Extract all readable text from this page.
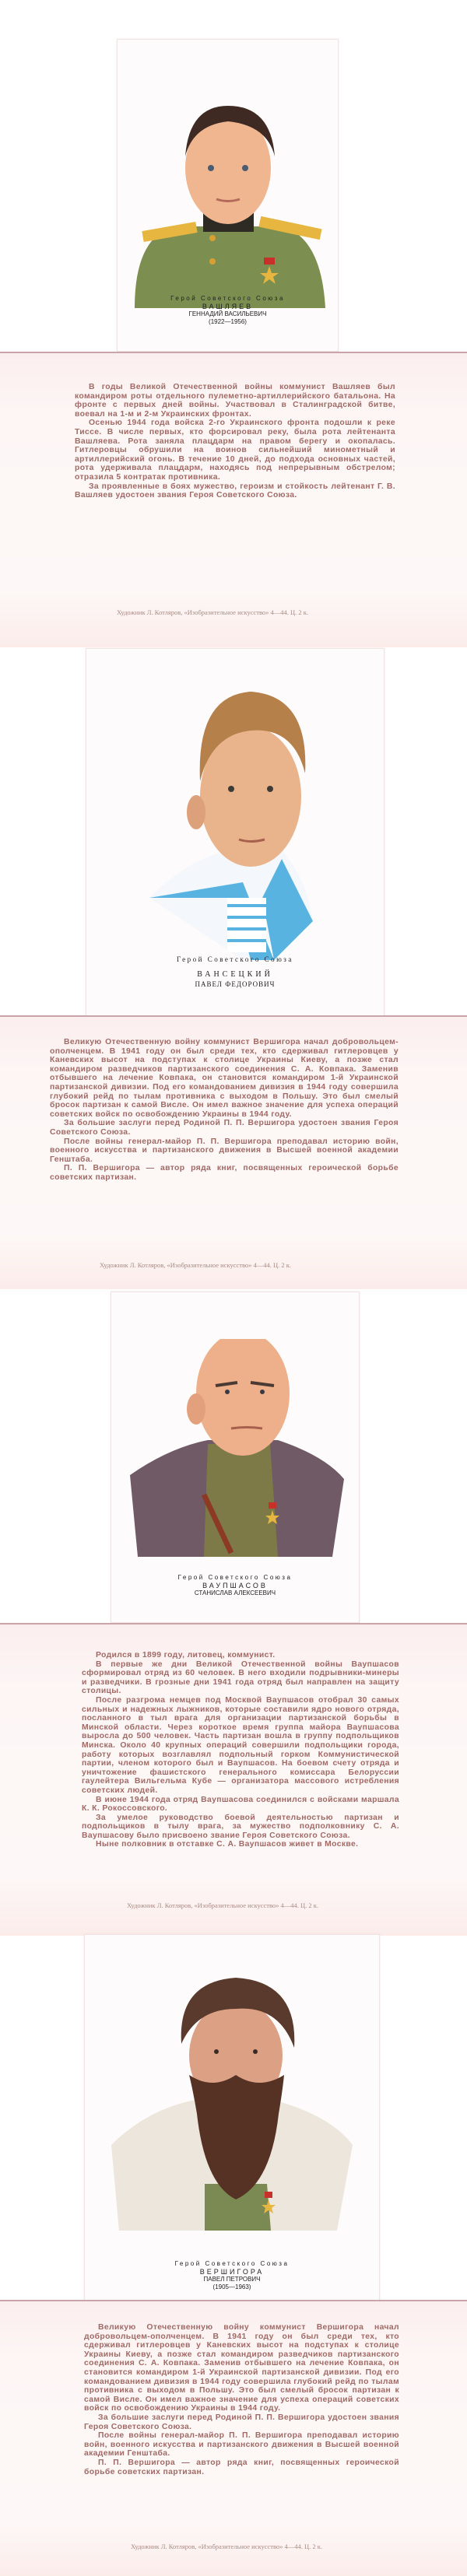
Герой Советского Союза
ВАШЛЯЕВ
ГЕННАДИЙ ВАСИЛЬЕВИЧ
(1922—1956)

В годы Великой Отечественной войны коммунист Вашляев был командиром роты отдельного пулеметно-артиллерийского батальона. На фронте с первых дней войны. Участвовал в Сталинградской битве, воевал на 1-м и 2-м Украинских фронтах.

Осенью 1944 года войска 2-го Украинского фронта подошли к реке Тиссе. В числе первых, кто форсировал реку, была рота лейтенанта Вашляева. Рота заняла плацдарм на правом берегу и окопалась. Гитлеровцы обрушили на воинов сильнейший минометный и артиллерийский огонь. В течение 10 дней, до подхода основных частей, рота удерживала плацдарм, находясь под непрерывным обстрелом; отразила 5 контратак противника.

За проявленные в боях мужество, героизм и стойкость лейтенант Г. В. Вашляев удостоен звания Героя Советского Союза.

Художник Л. Котляров, «Изобразительное искусство» 4—44. Ц. 2 к.
Герой Советского Союза
ВАНСЕЦКИЙ
ПАВЕЛ ФЕДОРОВИЧ

Великую Отечественную войну коммунист Вершигора начал добровольцем-ополченцем. В 1941 году он был среди тех, кто сдерживал гитлеровцев у Каневских высот на подступах к столице Украины Киеву, а позже стал командиром разведчиков партизанского соединения С. А. Ковпака. Заменив отбывшего на лечение Ковпака, он становится командиром 1-й Украинской партизанской дивизии. Под его командованием дивизия в 1944 году совершила глубокий рейд по тылам противника с выходом в Польшу. Это был смелый бросок партизан к самой Висле. Он имел важное значение для успеха операций советских войск по освобождению Украины в 1944 году.

За большие заслуги перед Родиной П. П. Вершигора удостоен звания Героя Советского Союза.

После войны генерал-майор П. П. Вершигора преподавал историю войн, военного искусства и партизанского движения в Высшей военной академии Генштаба.

П. П. Вершигора — автор ряда книг, посвященных героической борьбе советских партизан.

Художник Л. Котляров, «Изобразительное искусство» 4—44. Ц. 2 к.
Герой Советского Союза
ВАУПШАСОВ
СТАНИСЛАВ АЛЕКСЕЕВИЧ

Родился в 1899 году, литовец, коммунист.

В первые же дни Великой Отечественной войны Ваупшасов сформировал отряд из 60 человек. В него входили подрывники-минеры и разведчики. В грозные дни 1941 года отряд был направлен на защиту столицы.

После разгрома немцев под Москвой Ваупшасов отобрал 30 самых сильных и надежных лыжников, которые составили ядро нового отряда, посланного в тыл врага для организации партизанской борьбы в Минской области. Через короткое время группа майора Ваупшасова выросла до 500 человек. Часть партизан вошла в группу подпольщиков Минска. Около 40 крупных операций совершили подпольщики города, работу которых возглавлял подпольный горком Коммунистической партии, членом которого был и Ваупшасов. На боевом счету отряда и уничтожение фашистского генерального комиссара Белоруссии гаулейтера Вильгельма Кубе — организатора массового истребления советских людей.

В июне 1944 года отряд Ваупшасова соединился с войсками маршала К. К. Рокоссовского.

За умелое руководство боевой деятельностью партизан и подпольщиков в тылу врага, за мужество подполковнику С. А. Ваупшасову было присвоено звание Героя Советского Союза.

Ныне полковник в отставке С. А. Ваупшасов живет в Москве.

Художник Л. Котляров, «Изобразительное искусство» 4—44. Ц. 2 к.
Герой Советского Союза
ВЕРШИГОРА
ПАВЕЛ ПЕТРОВИЧ
(1905—1963)

Великую Отечественную войну коммунист Вершигора начал добровольцем-ополченцем. В 1941 году он был среди тех, кто сдерживал гитлеровцев у Каневских высот на подступах к столице Украины Киеву, а позже стал командиром разведчиков партизанского соединения С. А. Ковпака. Заменив отбывшего на лечение Ковпака, он становится командиром 1-й Украинской партизанской дивизии. Под его командованием дивизия в 1944 году совершила глубокий рейд по тылам противника с выходом в Польшу. Это был смелый бросок партизан к самой Висле. Он имел важное значение для успеха операций советских войск по освобождению Украины в 1944 году.

За большие заслуги перед Родиной П. П. Вершигора удостоен звания Героя Советского Союза.

После войны генерал-майор П. П. Вершигора преподавал историю войн, военного искусства и партизанского движения в Высшей военной академии Генштаба.

П. П. Вершигора — автор ряда книг, посвященных героической борьбе советских партизан.

Художник Л. Котляров, «Изобразительное искусство» 4—44. Ц. 2 к.
